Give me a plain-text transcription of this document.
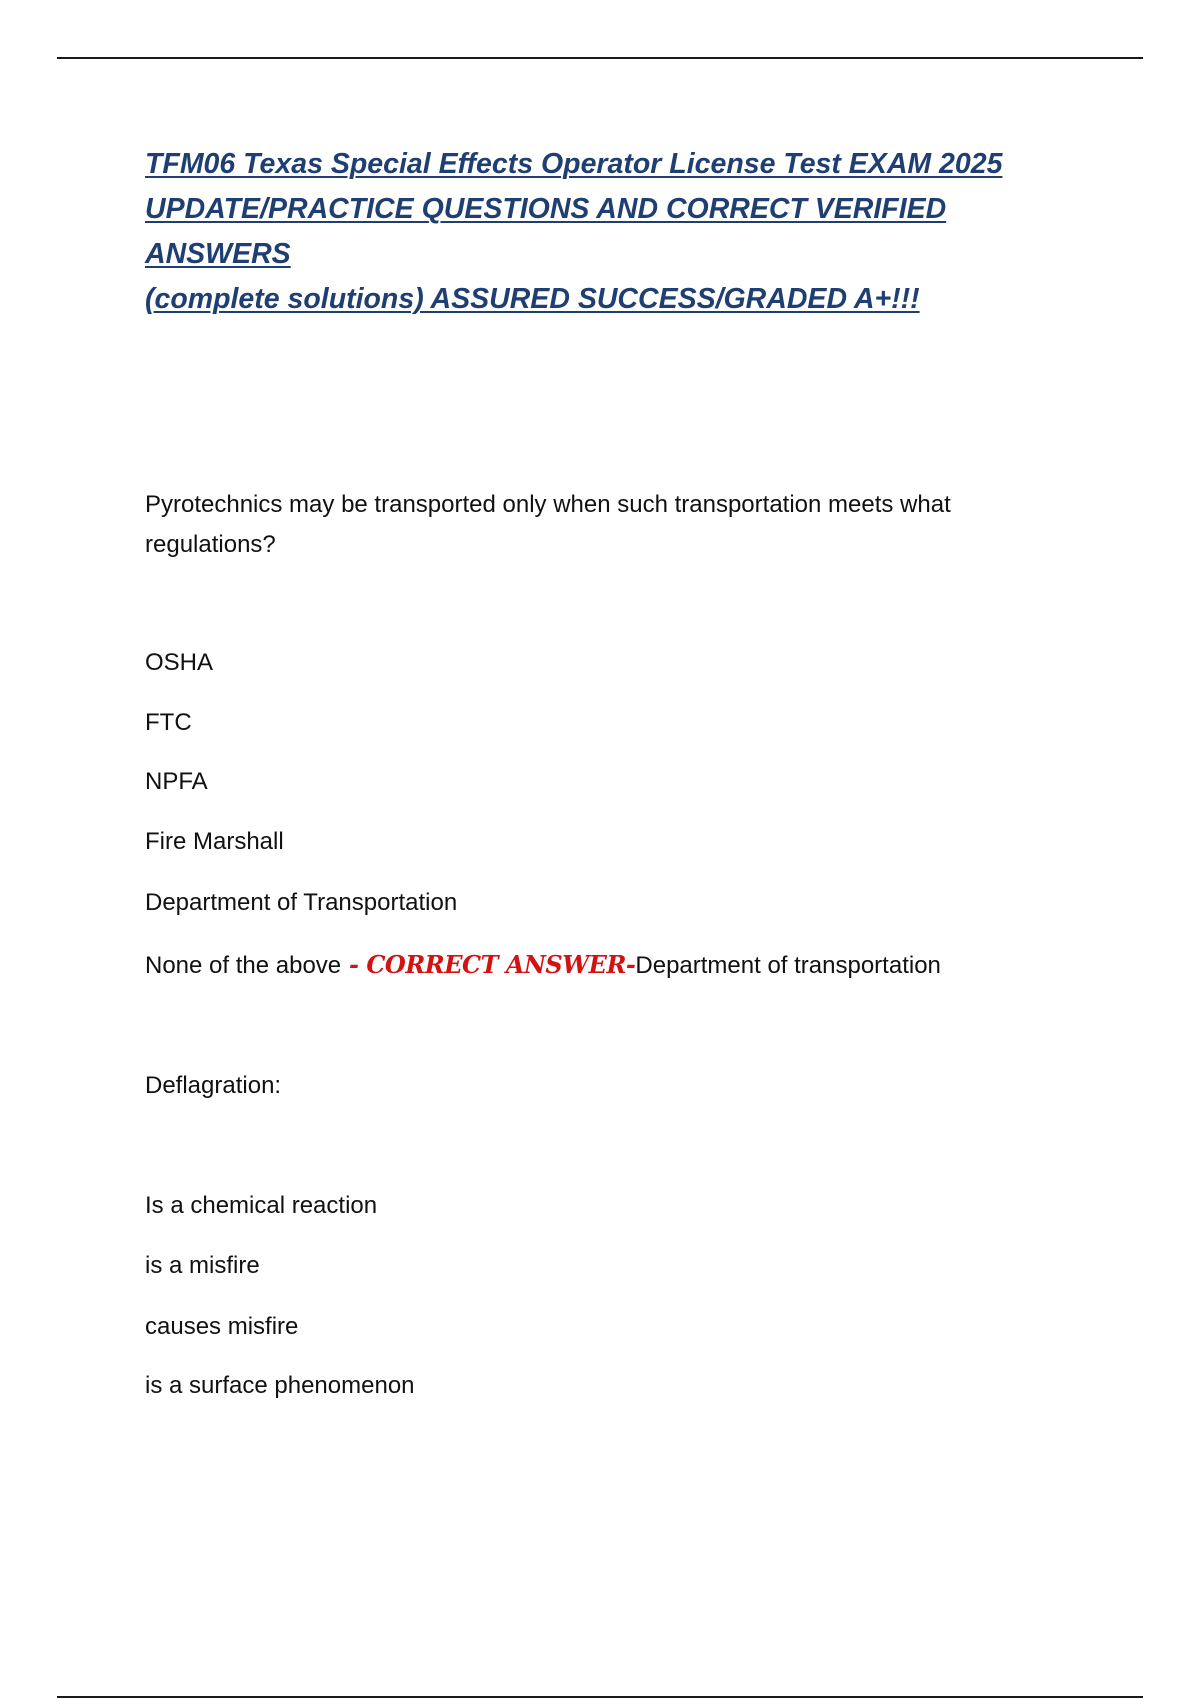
TFM06 Texas Special Effects Operator License Test EXAM 2025
UPDATE/PRACTICE QUESTIONS AND CORRECT VERIFIED ANSWERS
(complete solutions) ASSURED SUCCESS/GRADED A+!!!

Pyrotechnics may be transported only when such transportation meets what regulations?

OSHA

FTC

NPFA

Fire Marshall

Department of Transportation

None of the above - CORRECT ANSWER-Department of transportation

Deflagration:

Is a chemical reaction

is a misfire

causes misfire

is a surface phenomenon
